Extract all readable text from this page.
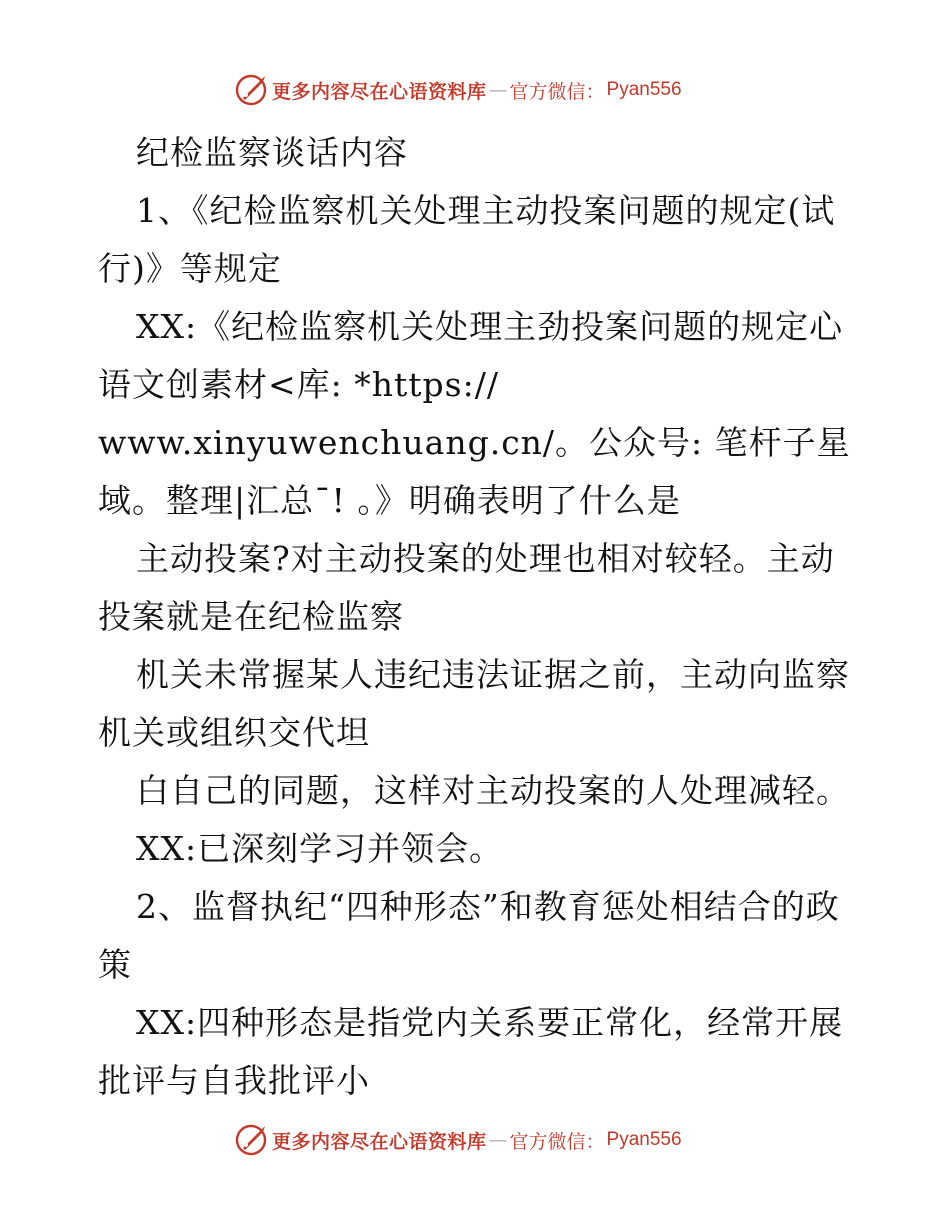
更多内容尽在心语资料库 — 官方微信： Pyan556

纪检监察谈话内容

1、《纪检监察机关处理主动投案问题的规定(试行)》等规定

XX:《纪检监察机关处理主劲投案问题的规定心语文创素材<库: *https://

www.xinyuwenchuang.cn/。公众号: 笔杆子星域。整理|汇总¯! 。》明确表明了什么是

主动投案?对主动投案的处理也相对较轻。主动投案就是在纪检监察

机关未常握某人违纪违法证据之前，主动向监察机关或组织交代坦

白自己的同题，这样对主动投案的人处理减轻。

XX:已深刻学习并领会。

2、监督执纪“四种形态”和教育惩处相结合的政策

XX:四种形态是指党内关系要正常化，经常开展批评与自我批评小

更多内容尽在心语资料库 — 官方微信： Pyan556
